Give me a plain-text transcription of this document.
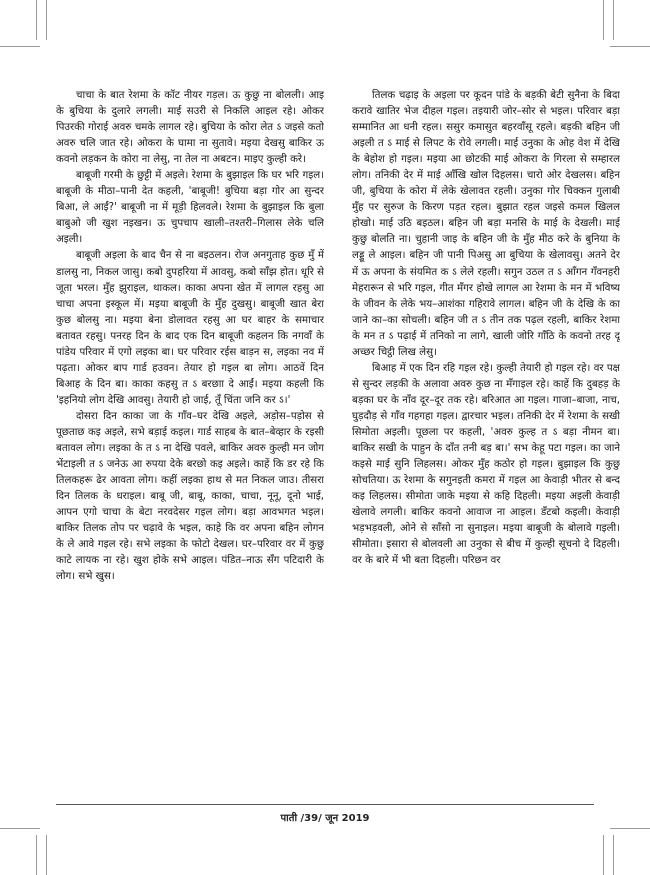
चाचा के बात रेशमा के कॉट नीयर गड़ल। ऊ कुछु ना बोलली। आइ के बुचिया के दुलारे लगली। माई सउरी से निकलि आइल रहे। ओकर पिउरकी गोराई अवरु चमके लागल रहे। बुचिया के कोरा लेत ऽ जइसे कतो अवरु चलि जात रहे। ओकरा के घामा ना सुतावे। मइया देखसु बाकिर ऊ कवनो लड़कन के कोरा ना लेसु, ना तेल ना अबटन। माइए कुल्ही करे।

बाबूजी गरमी के छुट्टी में अइले। रेशमा के बुझाइल कि घर भरि गइल। बाबूजी के मीठा–पानी देत कहली, 'बाबूजी! बुचिया बड़ा गोर आ सुन्दर बिआ, ले आईं?' बाबूजी ना में मूड़ी हिलवले। रेशमा के बुझाइल कि बुला बाबुओ जी खुश नइखन। ऊ चुपचाप खाली–तश्तरी–गिलास लेके चलि अइली।

बाबूजी अइला के बाद चैन से ना बइठलन। रोज अनगुताह कुछ मुँ में डालसु ना, निकल जासु। कबो दुपहरिया में आवसु, कबो साँझ होत। धूरि से जूता भरल। मुँह झुराइल, थाकल। काका अपना खेत में लागल रहसु आ चाचा अपना इस्कूल में। मइया बाबूजी के मुँह दुखसु। बाबूजी खात बेरा कुछ बोलसु ना। मइया बेना डोलावत रहसु आ घर बाहर के समाचार बतावत रहसु। पनरह दिन के बाद एक दिन बाबूजी कहलन कि नगवाँ के पांडेय परिवार में एगो लइका बा। घर परिवार रईस बाड़न स, लइका नव में पढ़ता। ओकर बाप गार्ड हउवन। तेयार हो गइल बा लोग। आठवें दिन बिआह के दिन बा। काका कहसु त ऽ बरछाा दे आईं। मइया कहली कि 'इहनियो लोग देखि आवसु। तेयारी हो जाई, तूँ चिंता जनि कर ऽ।'

दोसरा दिन काका जा के गाँव–घर देखि अइले, अड़ोस–पड़ोस से पूछताछ कइ अइले, सभे बड़ाई कइल। गार्ड साहब के बात–बेव्हार के रइसी बतावल लोग। लइका के त ऽ ना देखि पवले, बाकिर अवरु कुल्ही मन जोग भेंटाइली त ऽ जनेऊ आ रुपया देके बरछाे कइ अइले। काहें कि डर रहे कि तिलकहरू ढेर आवता लोग। कहीं लइका हाथ से मत निकल जाउ। तीसरा दिन तिलक के धराइल। बाबू जी, बाबू, काका, चाचा, नूनू, दूनो भाई, आपन एगो चाचा के बेटा नरवदेसर गइल लोग। बड़ा आवभगत भइल। बाकिर तिलक तोप पर चढ़ावे के भइल, काहे कि वर अपना बहिन लोगन के ले आवे गइल रहे। सभे लइका के फोटो देखल। घर–परिवार वर में कुछु काटे लायक ना रहे। खुश होके सभे आइल। पंडित–नाऊ सँग पटिदारी के लोग। सभे खुस।

तिलक चढ़ाइ के अइला पर कूदन पांडे के बड़की बेटी सुनैना के बिदा करावे खातिर भेज दीहल गइल। तइयारी जोर–सोर से भइल। परिवार बड़ा सम्मानित आ धनी रहल। ससुर कमासुत बहरवाँसू रहले। बड़की बहिन जी अइली त ऽ माई से लिपट के रोवे लगली। माई उनुका के ओह वेश में देखि के बेहोश हो गइल। मइया आ छोटकी माई ओकरा के गिरला से सम्हारल लोग। तनिकी देर में माई आँखि खोल दिहलस। चारो ओर देखलस। बहिन जी, बुचिया के कोरा में लेके खेलावत रहली। उनुका गोर चिक्कन गुलाबी मुँह पर सुरुज के किरण पड़त रहल। बुझात रहल जइसे कमल खिलल होखो। माई उठि बइठल। बहिन जी बड़ा मनसि के माई के देखली। माई कुछु बोलति ना। चुहानी जाइ के बहिन जी के मुँह मीठ करे के बुनिया के लड्डू ले आइल। बहिन जी पानी पिअसु आ बुचिया के खेलावसु। अतने देर में ऊ अपना के संयमित क ऽ लेले रहली। सगुन उठल त ऽ आँगन गँवनहरी मेहरारून से भरि गइल, गीत मँगर होखे लागल आ रेशमा के मन में भविष्य के जीवन के लेके भय–आशंका गहिरावे लागल। बहिन जी के देखि के का जाने का–का सोचली। बहिन जी त ऽ तीन तक पढ़ल रहली, बाकिर रेशमा के मन त ऽ पढ़ाई में तनिको ना लागे, खाली जोरि गाँठि के कवनो तरह दू अच्छर चिट्ठी लिख लेसु।

बिआह में एक दिन रहि गइल रहे। कुल्ही तेयारी हो गइल रहे। वर पक्ष से सुन्दर लड़की के अलावा अवरु कुछ ना मँगाइल रहे। काहें कि दुबहड़ के बड़का घर के नाँव दूर–दूर तक रहे। बरिआत आ गइल। गाजा–बाजा, नाच, घुड़दौड़ से गाँव गहगहा गइल। द्वारचार भइल। तनिकी देर में रेशमा के सखी सिमोता अइली। पूछला पर कहली, 'अवरु कुल्ह त ऽ बड़ा नीमन बा। बाकिर सखी के पाहुन के दाँत तनी बड़ बा।' सभ केहू पटा गइल। का जाने कइसे माई सुनि लिहलस। ओकर मुँह कठोर हो गइल। बुझाइल कि कुछु सोचतिया। ऊ रेशमा के सगुनइती कमरा में गइल आ केवाड़ी भीतर से बन्द कइ लिहलस। सीमोता जाके मइया से कहि दिहली। मइया अइली केवाड़ी खेलावे लगली। बाकिर कवनो आवाज ना आइल। डँटबो कइली। केवाड़ी भड़भड़वली, ओने से साँसो ना सुनाइल। मइया बाबूजी के बोलावे गइली। सीमोता। इसारा से बोलवली आ उनुका से बीच में कुल्ही सूचनो दे दिहली। वर के बारे में भी बता दिहली। परिछन वर

पाती /39/ जून 2019
